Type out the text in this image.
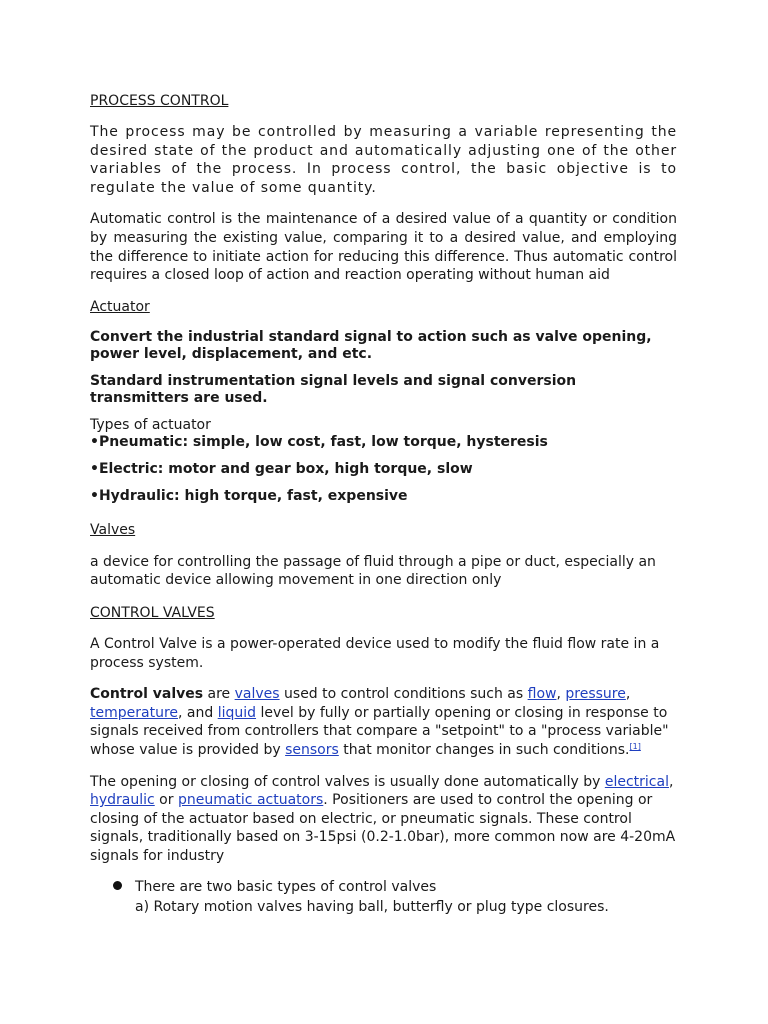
PROCESS CONTROL

The process may be controlled by measuring a variable representing the desired state of the product and automatically adjusting one of the other variables of the process. In process control, the basic objective is to regulate the value of some quantity.

Automatic control is the maintenance of a desired value of a quantity or condition by measuring the existing value, comparing it to a desired value, and employing the difference to initiate action for reducing this difference. Thus automatic control requires a closed loop of action and reaction operating without human aid

Actuator

Convert the industrial standard signal to action such as valve opening, power level, displacement, and etc.

Standard instrumentation signal levels and signal conversion transmitters are used.

Types of actuator

•Pneumatic: simple, low cost, fast, low torque, hysteresis

•Electric: motor and gear box, high torque, slow

•Hydraulic: high torque, fast, expensive

Valves

a device for controlling the passage of fluid through a pipe or duct, especially an automatic device allowing movement in one direction only

CONTROL VALVES

A Control Valve is a power-operated device used to modify the fluid flow rate in a process system.

Control valves are valves used to control conditions such as flow, pressure, temperature, and liquid level by fully or partially opening or closing in response to signals received from controllers that compare a "setpoint" to a "process variable" whose value is provided by sensors that monitor changes in such conditions.[1]

The opening or closing of control valves is usually done automatically by electrical, hydraulic or pneumatic actuators. Positioners are used to control the opening or closing of the actuator based on electric, or pneumatic signals. These control signals, traditionally based on 3-15psi (0.2-1.0bar), more common now are 4-20mA signals for industry

There are two basic types of control valves
a) Rotary motion valves having ball, butterfly or plug type closures.
